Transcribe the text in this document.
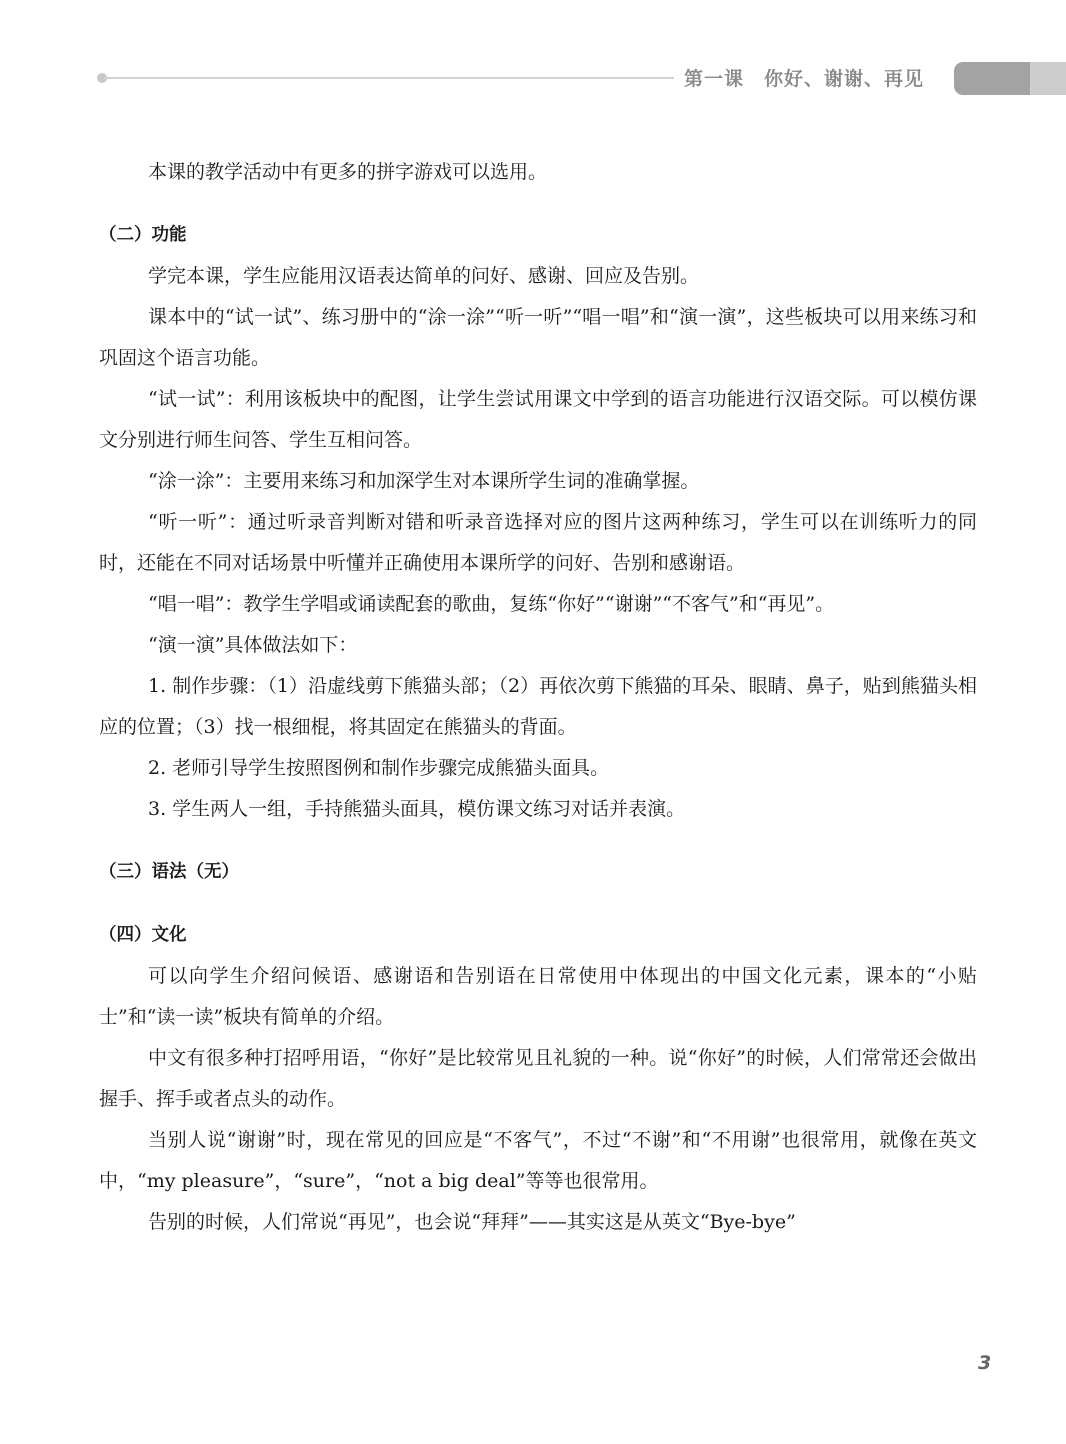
第一课　你好、谢谢、再见

本课的教学活动中有更多的拼字游戏可以选用。

（二）功能

学完本课，学生应能用汉语表达简单的问好、感谢、回应及告别。

课本中的“试一试”、练习册中的“涂一涂”“听一听”“唱一唱”和“演一演”，这些板块可以用来练习和巩固这个语言功能。

“试一试”：利用该板块中的配图，让学生尝试用课文中学到的语言功能进行汉语交际。可以模仿课文分别进行师生问答、学生互相问答。

“涂一涂”：主要用来练习和加深学生对本课所学生词的准确掌握。

“听一听”：通过听录音判断对错和听录音选择对应的图片这两种练习，学生可以在训练听力的同时，还能在不同对话场景中听懂并正确使用本课所学的问好、告别和感谢语。

“唱一唱”：教学生学唱或诵读配套的歌曲，复练“你好”“谢谢”“不客气”和“再见”。

“演一演”具体做法如下：

1. 制作步骤：（1）沿虚线剪下熊猫头部；（2）再依次剪下熊猫的耳朵、眼睛、鼻子，贴到熊猫头相应的位置；（3）找一根细棍，将其固定在熊猫头的背面。

2. 老师引导学生按照图例和制作步骤完成熊猫头面具。

3. 学生两人一组，手持熊猫头面具，模仿课文练习对话并表演。

（三）语法（无）

（四）文化

可以向学生介绍问候语、感谢语和告别语在日常使用中体现出的中国文化元素，课本的“小贴士”和“读一读”板块有简单的介绍。

中文有很多种打招呼用语，“你好”是比较常见且礼貌的一种。说“你好”的时候，人们常常还会做出握手、挥手或者点头的动作。

当别人说“谢谢”时，现在常见的回应是“不客气”，不过“不谢”和“不用谢”也很常用，就像在英文中，“my pleasure”，“sure”，“not a big deal”等等也很常用。

告别的时候，人们常说“再见”，也会说“拜拜”——其实这是从英文“Bye-bye”

3
